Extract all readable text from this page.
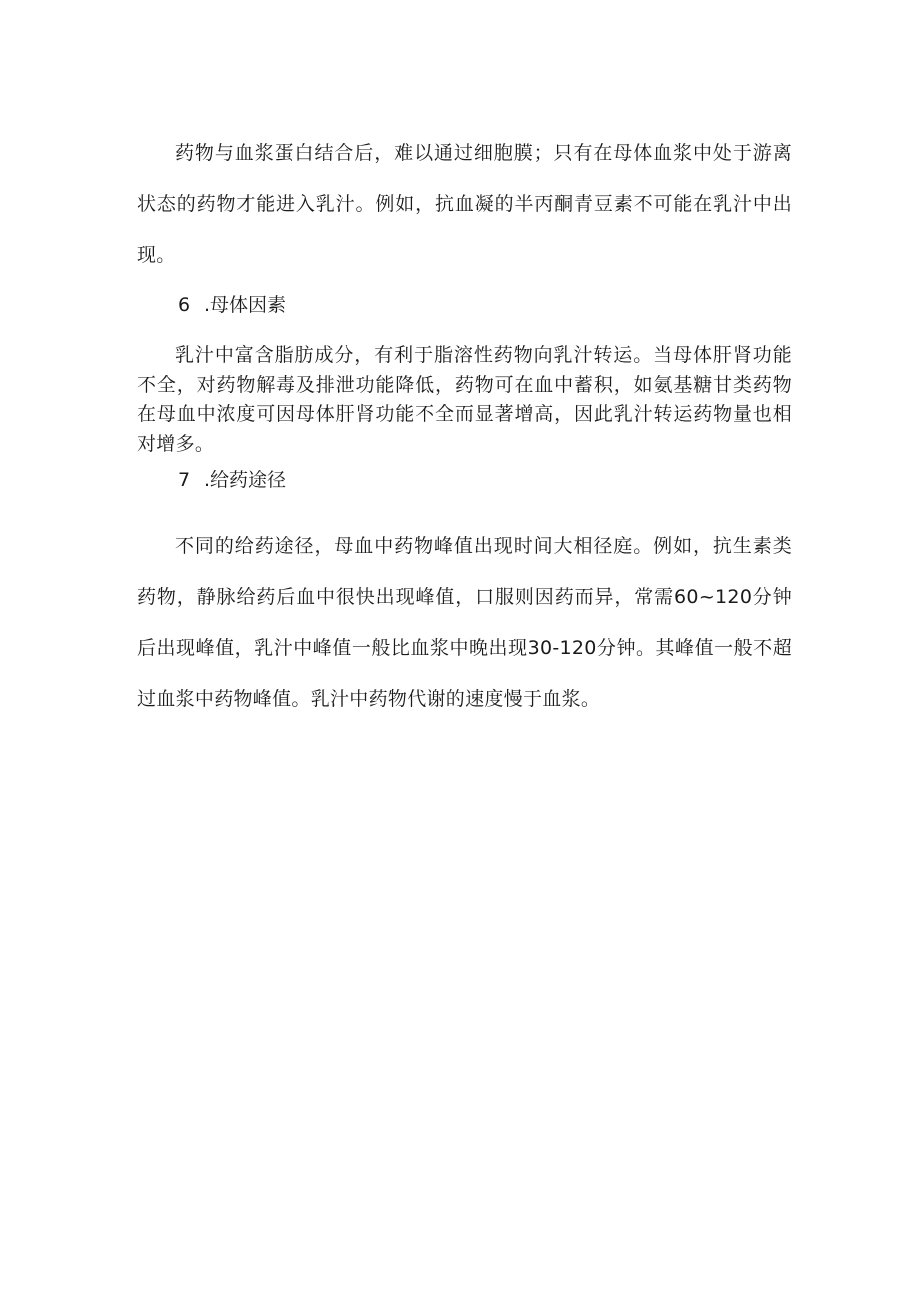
药物与血浆蛋白结合后，难以通过细胞膜；只有在母体血浆中处于游离状态的药物才能进入乳汁。例如，抗血凝的半丙酮青豆素不可能在乳汁中出现。

6 .母体因素

乳汁中富含脂肪成分，有利于脂溶性药物向乳汁转运。当母体肝肾功能不全，对药物解毒及排泄功能降低，药物可在血中蓄积，如氨基糖甘类药物在母血中浓度可因母体肝肾功能不全而显著增高，因此乳汁转运药物量也相对增多。

7 .给药途径

不同的给药途径，母血中药物峰值出现时间大相径庭。例如，抗生素类药物，静脉给药后血中很快出现峰值，口服则因药而异，常需60~120分钟后出现峰值，乳汁中峰值一般比血浆中晚出现30-120分钟。其峰值一般不超过血浆中药物峰值。乳汁中药物代谢的速度慢于血浆。
